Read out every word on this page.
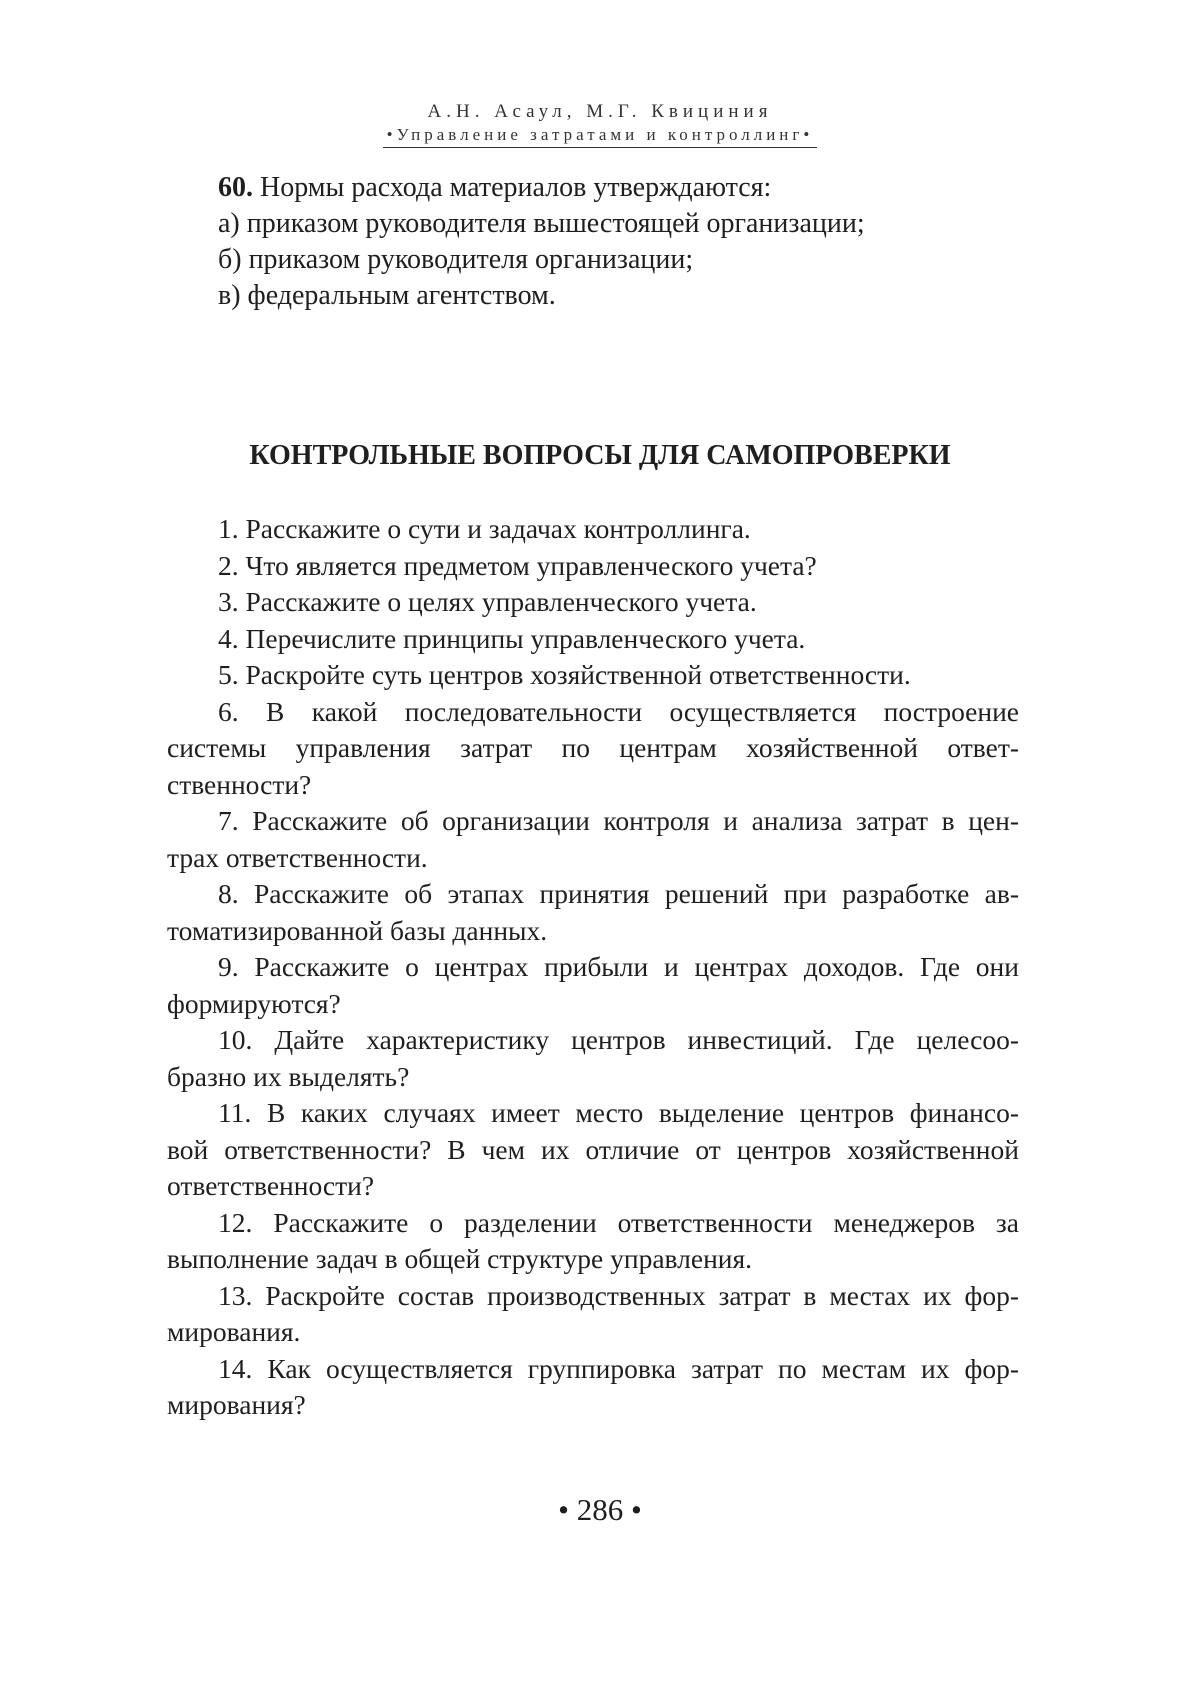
А.Н. Асаул, М.Г. Квициния
•Управление затратами и контроллинг•
60. Нормы расхода материалов утверждаются:
а) приказом руководителя вышестоящей организации;
б) приказом руководителя организации;
в) федеральным агентством.
КОНТРОЛЬНЫЕ ВОПРОСЫ ДЛЯ САМОПРОВЕРКИ
1. Расскажите о сути и задачах контроллинга.
2. Что является предметом управленческого учета?
3. Расскажите о целях управленческого учета.
4. Перечислите принципы управленческого учета.
5. Раскройте суть центров хозяйственной ответственности.
6. В какой последовательности осуществляется построение
системы управления затрат по центрам хозяйственной ответ-
ственности?
7. Расскажите об организации контроля и анализа затрат в цен-
трах ответственности.
8. Расскажите об этапах принятия решений при разработке ав-
томатизированной базы данных.
9. Расскажите о центрах прибыли и центрах доходов. Где они
формируются?
10. Дайте характеристику центров инвестиций. Где целесоо-
бразно их выделять?
11. В каких случаях имеет место выделение центров финансо-
вой ответственности? В чем их отличие от центров хозяйственной
ответственности?
12. Расскажите о разделении ответственности менеджеров за
выполнение задач в общей структуре управления.
13. Раскройте состав производственных затрат в местах их фор-
мирования.
14. Как осуществляется группировка затрат по местам их фор-
мирования?
• 286 •
